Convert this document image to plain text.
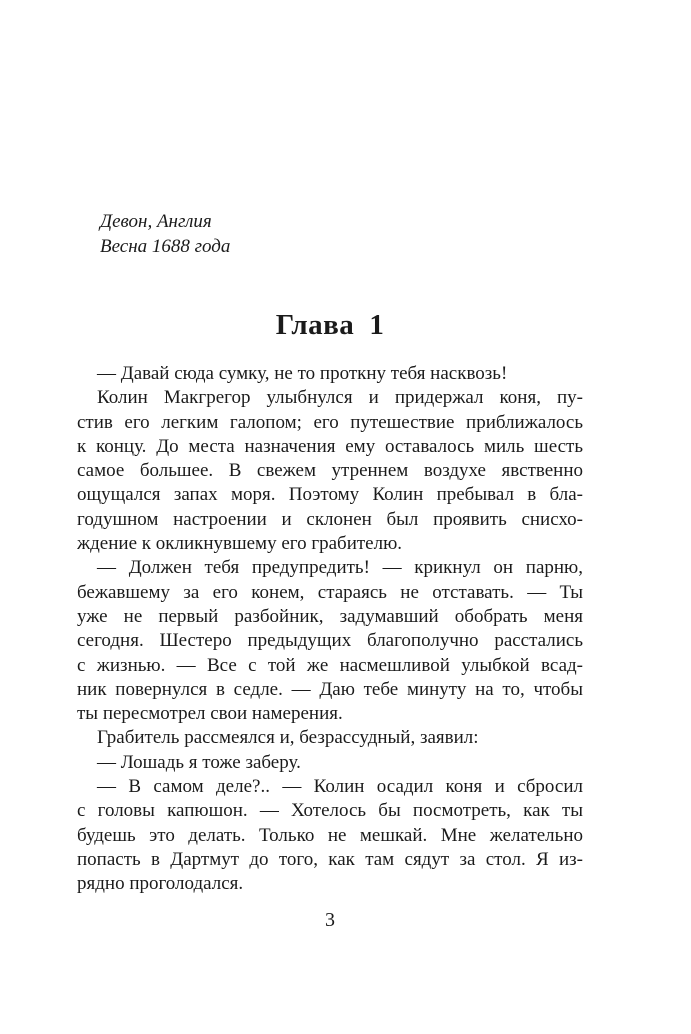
Девон, Англия
Весна 1688 года
Глава 1

— Давай сюда сумку, не то проткну тебя насквозь!

Колин Макгрегор улыбнулся и придержал коня, пу-
стив его легким галопом; его путешествие приближалось
к концу. До места назначения ему оставалось миль шесть
самое большее. В свежем утреннем воздухе явственно
ощущался запах моря. Поэтому Колин пребывал в бла-
годушном настроении и склонен был проявить снисхо-
ждение к окликнувшему его грабителю.

— Должен тебя предупредить! — крикнул он парню,
бежавшему за его конем, стараясь не отставать. — Ты
уже не первый разбойник, задумавший обобрать меня
сегодня. Шестеро предыдущих благополучно расстались
с жизнью. — Все с той же насмешливой улыбкой всад-
ник повернулся в седле. — Даю тебе минуту на то, чтобы
ты пересмотрел свои намерения.

Грабитель рассмеялся и, безрассудный, заявил:

— Лошадь я тоже заберу.

— В самом деле?.. — Колин осадил коня и сбросил
с головы капюшон. — Хотелось бы посмотреть, как ты
будешь это делать. Только не мешкай. Мне желательно
попасть в Дартмут до того, как там сядут за стол. Я из-
рядно проголодался.

3
